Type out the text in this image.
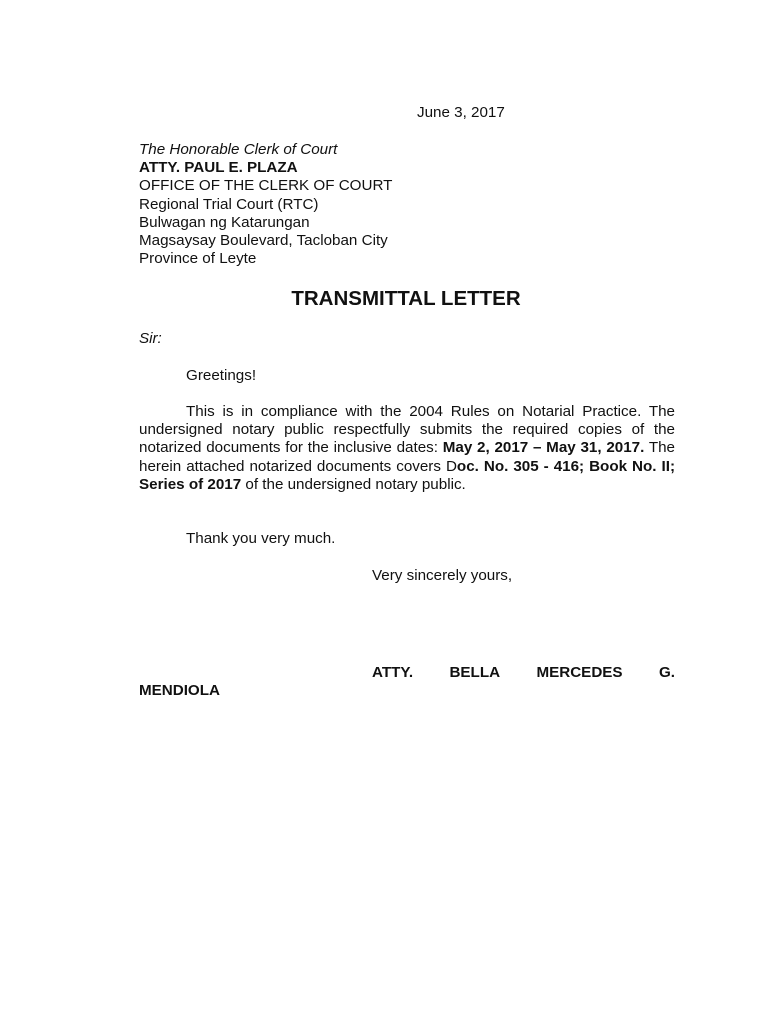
June 3, 2017
The Honorable Clerk of Court
ATTY. PAUL E. PLAZA
OFFICE OF THE CLERK OF COURT
Regional Trial Court (RTC)
Bulwagan ng Katarungan
Magsaysay Boulevard, Tacloban City
Province of Leyte
TRANSMITTAL LETTER
Sir:
Greetings!
This is in compliance with the 2004 Rules on Notarial Practice. The undersigned notary public respectfully submits the required copies of the notarized documents for the inclusive dates: May 2, 2017 – May 31, 2017. The herein attached notarized documents covers Doc. No. 305 - 416; Book No. II; Series of 2017 of the undersigned notary public.
Thank you very much.
Very sincerely yours,
ATTY. BELLA MERCEDES G.
MENDIOLA
